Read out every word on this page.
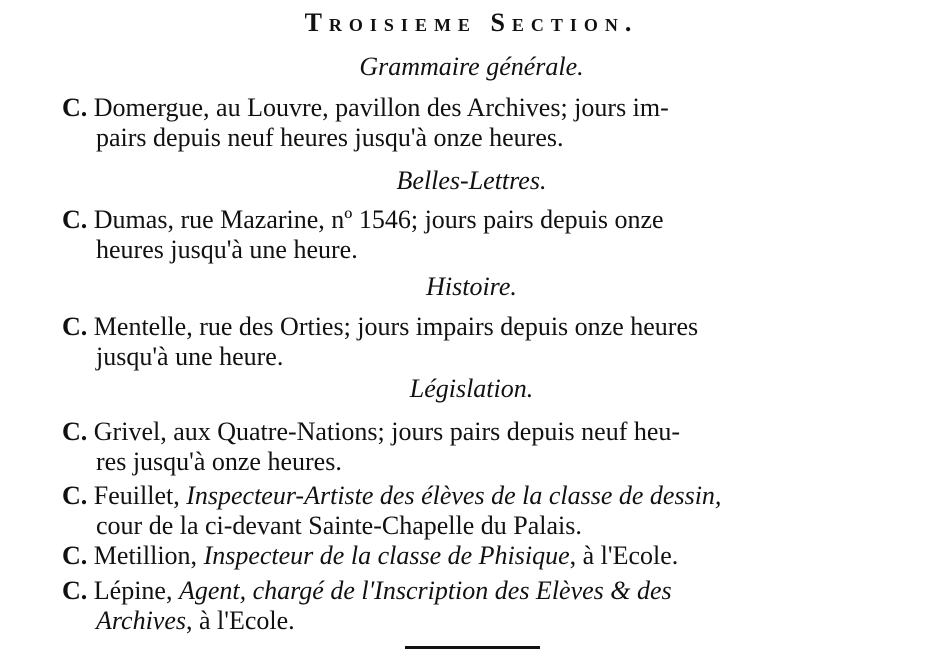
Troisieme Section.
Grammaire générale.
C. Domergue, au Louvre, pavillon des Archives; jours im-
pairs depuis neuf heures jusqu'à onze heures.
Belles-Lettres.
C. Dumas, rue Mazarine, nº 1546; jours pairs depuis onze
heures jusqu'à une heure.
Histoire.
C. Mentelle, rue des Orties; jours impairs depuis onze heures
jusqu'à une heure.
Législation.
C. Grivel, aux Quatre-Nations; jours pairs depuis neuf heu-
res jusqu'à onze heures.
C. Feuillet, Inspecteur-Artiste des élèves de la classe de dessin,
cour de la ci-devant Sainte-Chapelle du Palais.
C. Metillion, Inspecteur de la classe de Phisique, à l'Ecole.
C. Lépine, Agent, chargé de l'Inscription des Elèves & des
Archives, à l'Ecole.
